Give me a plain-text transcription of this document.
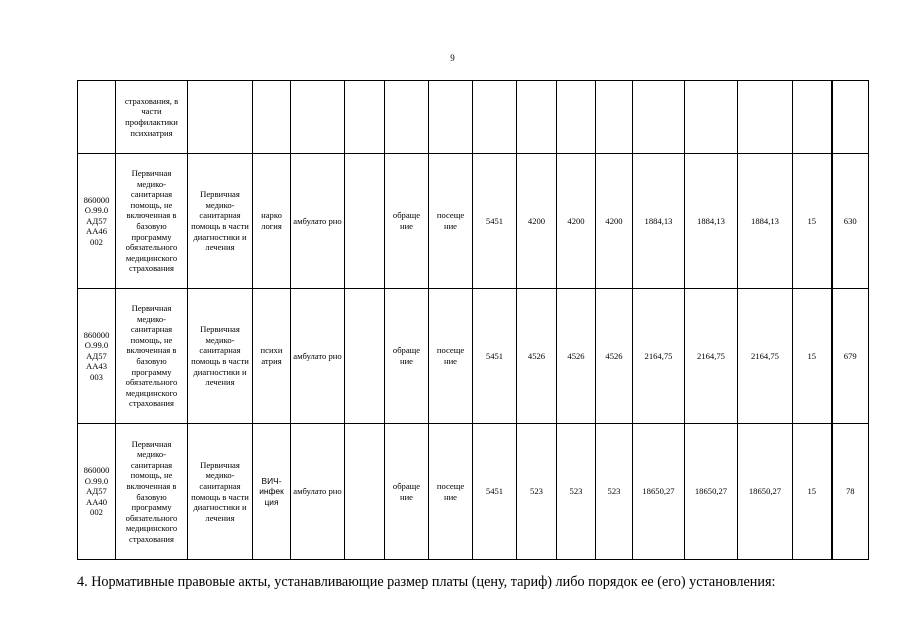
9
	страхования, в части профилактики психиатрия															
860000 О.99.0 АД57 АА46 002	Первичная медико-санитарная помощь, не включенная в базовую программу обязательного медицинского страхования	Первичная медико-санитарная помощь в части диагностики и лечения	нарко логия	амбулато рно		обраще ние	посеще ние	5451	4200	4200	4200	1884,13	1884,13	1884,13	15	630
860000 О.99.0 АД57 АА43 003	Первичная медико-санитарная помощь, не включенная в базовую программу обязательного медицинского страхования	Первичная медико-санитарная помощь в части диагностики и лечения	психи атрия	амбулато рно		обраще ние	посеще ние	5451	4526	4526	4526	2164,75	2164,75	2164,75	15	679
860000 О.99.0 АД57 АА40 002	Первичная медико-санитарная помощь, не включенная в базовую программу обязательного медицинского страхования	Первичная медико-санитарная помощь в части диагностики и лечения	ВИЧ-инфек ция	амбулато рно		обраще ние	посеще ние	5451	523	523	523	18650,27	18650,27	18650,27	15	78
4. Нормативные правовые акты, устанавливающие размер платы (цену, тариф) либо порядок ее (его) установления:
